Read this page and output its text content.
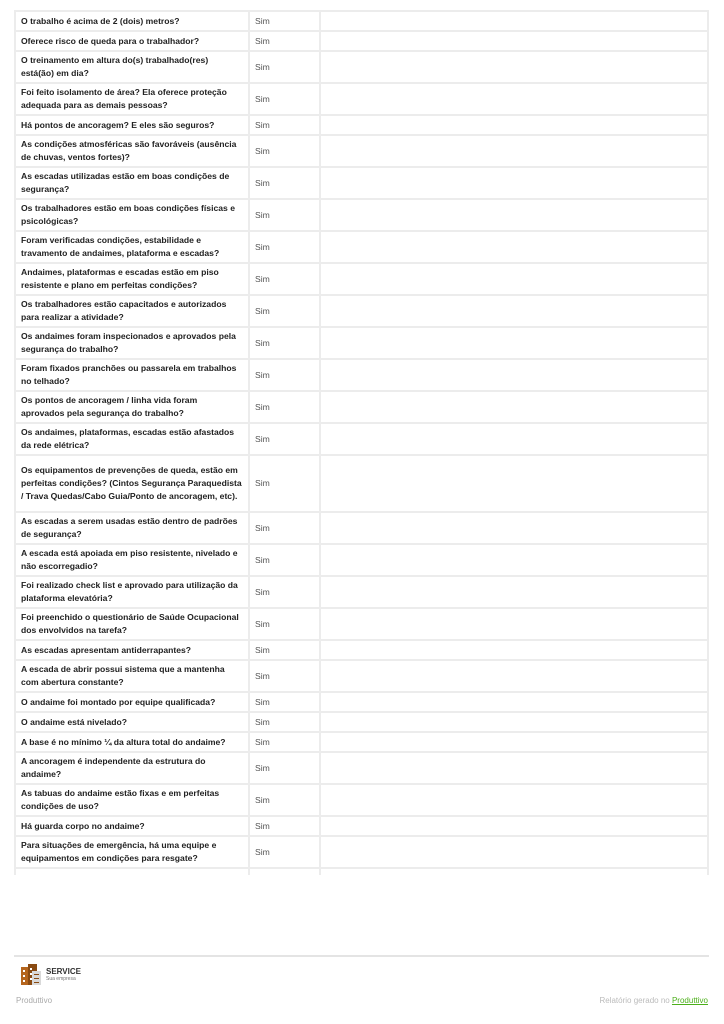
O trabalho é acima de 2 (dois) metros?	Sim	
Oferece risco de queda para o trabalhador?	Sim	
O treinamento em altura do(s) trabalhado(res) está(ão) em dia?	Sim	
Foi feito isolamento de área? Ela oferece proteção adequada para as demais pessoas?	Sim	
Há pontos de ancoragem? E eles são seguros?	Sim	
As condições atmosféricas são favoráveis (ausência de chuvas, ventos fortes)?	Sim	
As escadas utilizadas estão em boas condições de segurança?	Sim	
Os trabalhadores estão em boas condições físicas e psicológicas?	Sim	
Foram verificadas condições, estabilidade e travamento de andaimes, plataforma e escadas?	Sim	
Andaimes, plataformas e escadas estão em piso resistente e plano em perfeitas condições?	Sim	
Os trabalhadores estão capacitados e autorizados para realizar a atividade?	Sim	
Os andaimes foram inspecionados e aprovados pela segurança do trabalho?	Sim	
Foram fixados pranchões ou passarela em trabalhos no telhado?	Sim	
Os pontos de ancoragem / linha vida foram aprovados pela segurança do trabalho?	Sim	
Os andaimes, plataformas, escadas estão afastados da rede elétrica?	Sim	
Os equipamentos de prevenções de queda, estão em perfeitas condições? (Cintos Segurança Paraquedista / Trava Quedas/Cabo Guia/Ponto de ancoragem, etc).	Sim	
As escadas a serem usadas estão dentro de padrões de segurança?	Sim	
A escada está apoiada em piso resistente, nivelado e não escorregadio?	Sim	
Foi realizado check list e aprovado para utilização da plataforma elevatória?	Sim	
Foi preenchido o questionário de Saúde Ocupacional dos envolvidos na tarefa?	Sim	
As escadas apresentam antiderrapantes?	Sim	
A escada de abrir possui sistema que a mantenha com abertura constante?	Sim	
O andaime foi montado por equipe qualificada?	Sim	
O andaime está nivelado?	Sim	
A base é no mínimo ¼ da altura total do andaime?	Sim	
A ancoragem é independente da estrutura do andaime?	Sim	
As tabuas do andaime estão fixas e em perfeitas condições de uso?	Sim	
Há guarda corpo no andaime?	Sim	
Para situações de emergência, há uma equipe e equipamentos em condições para resgate?	Sim	

SERVICE
Sua empresa
Produttivo	Relatório gerado no Produttivo
